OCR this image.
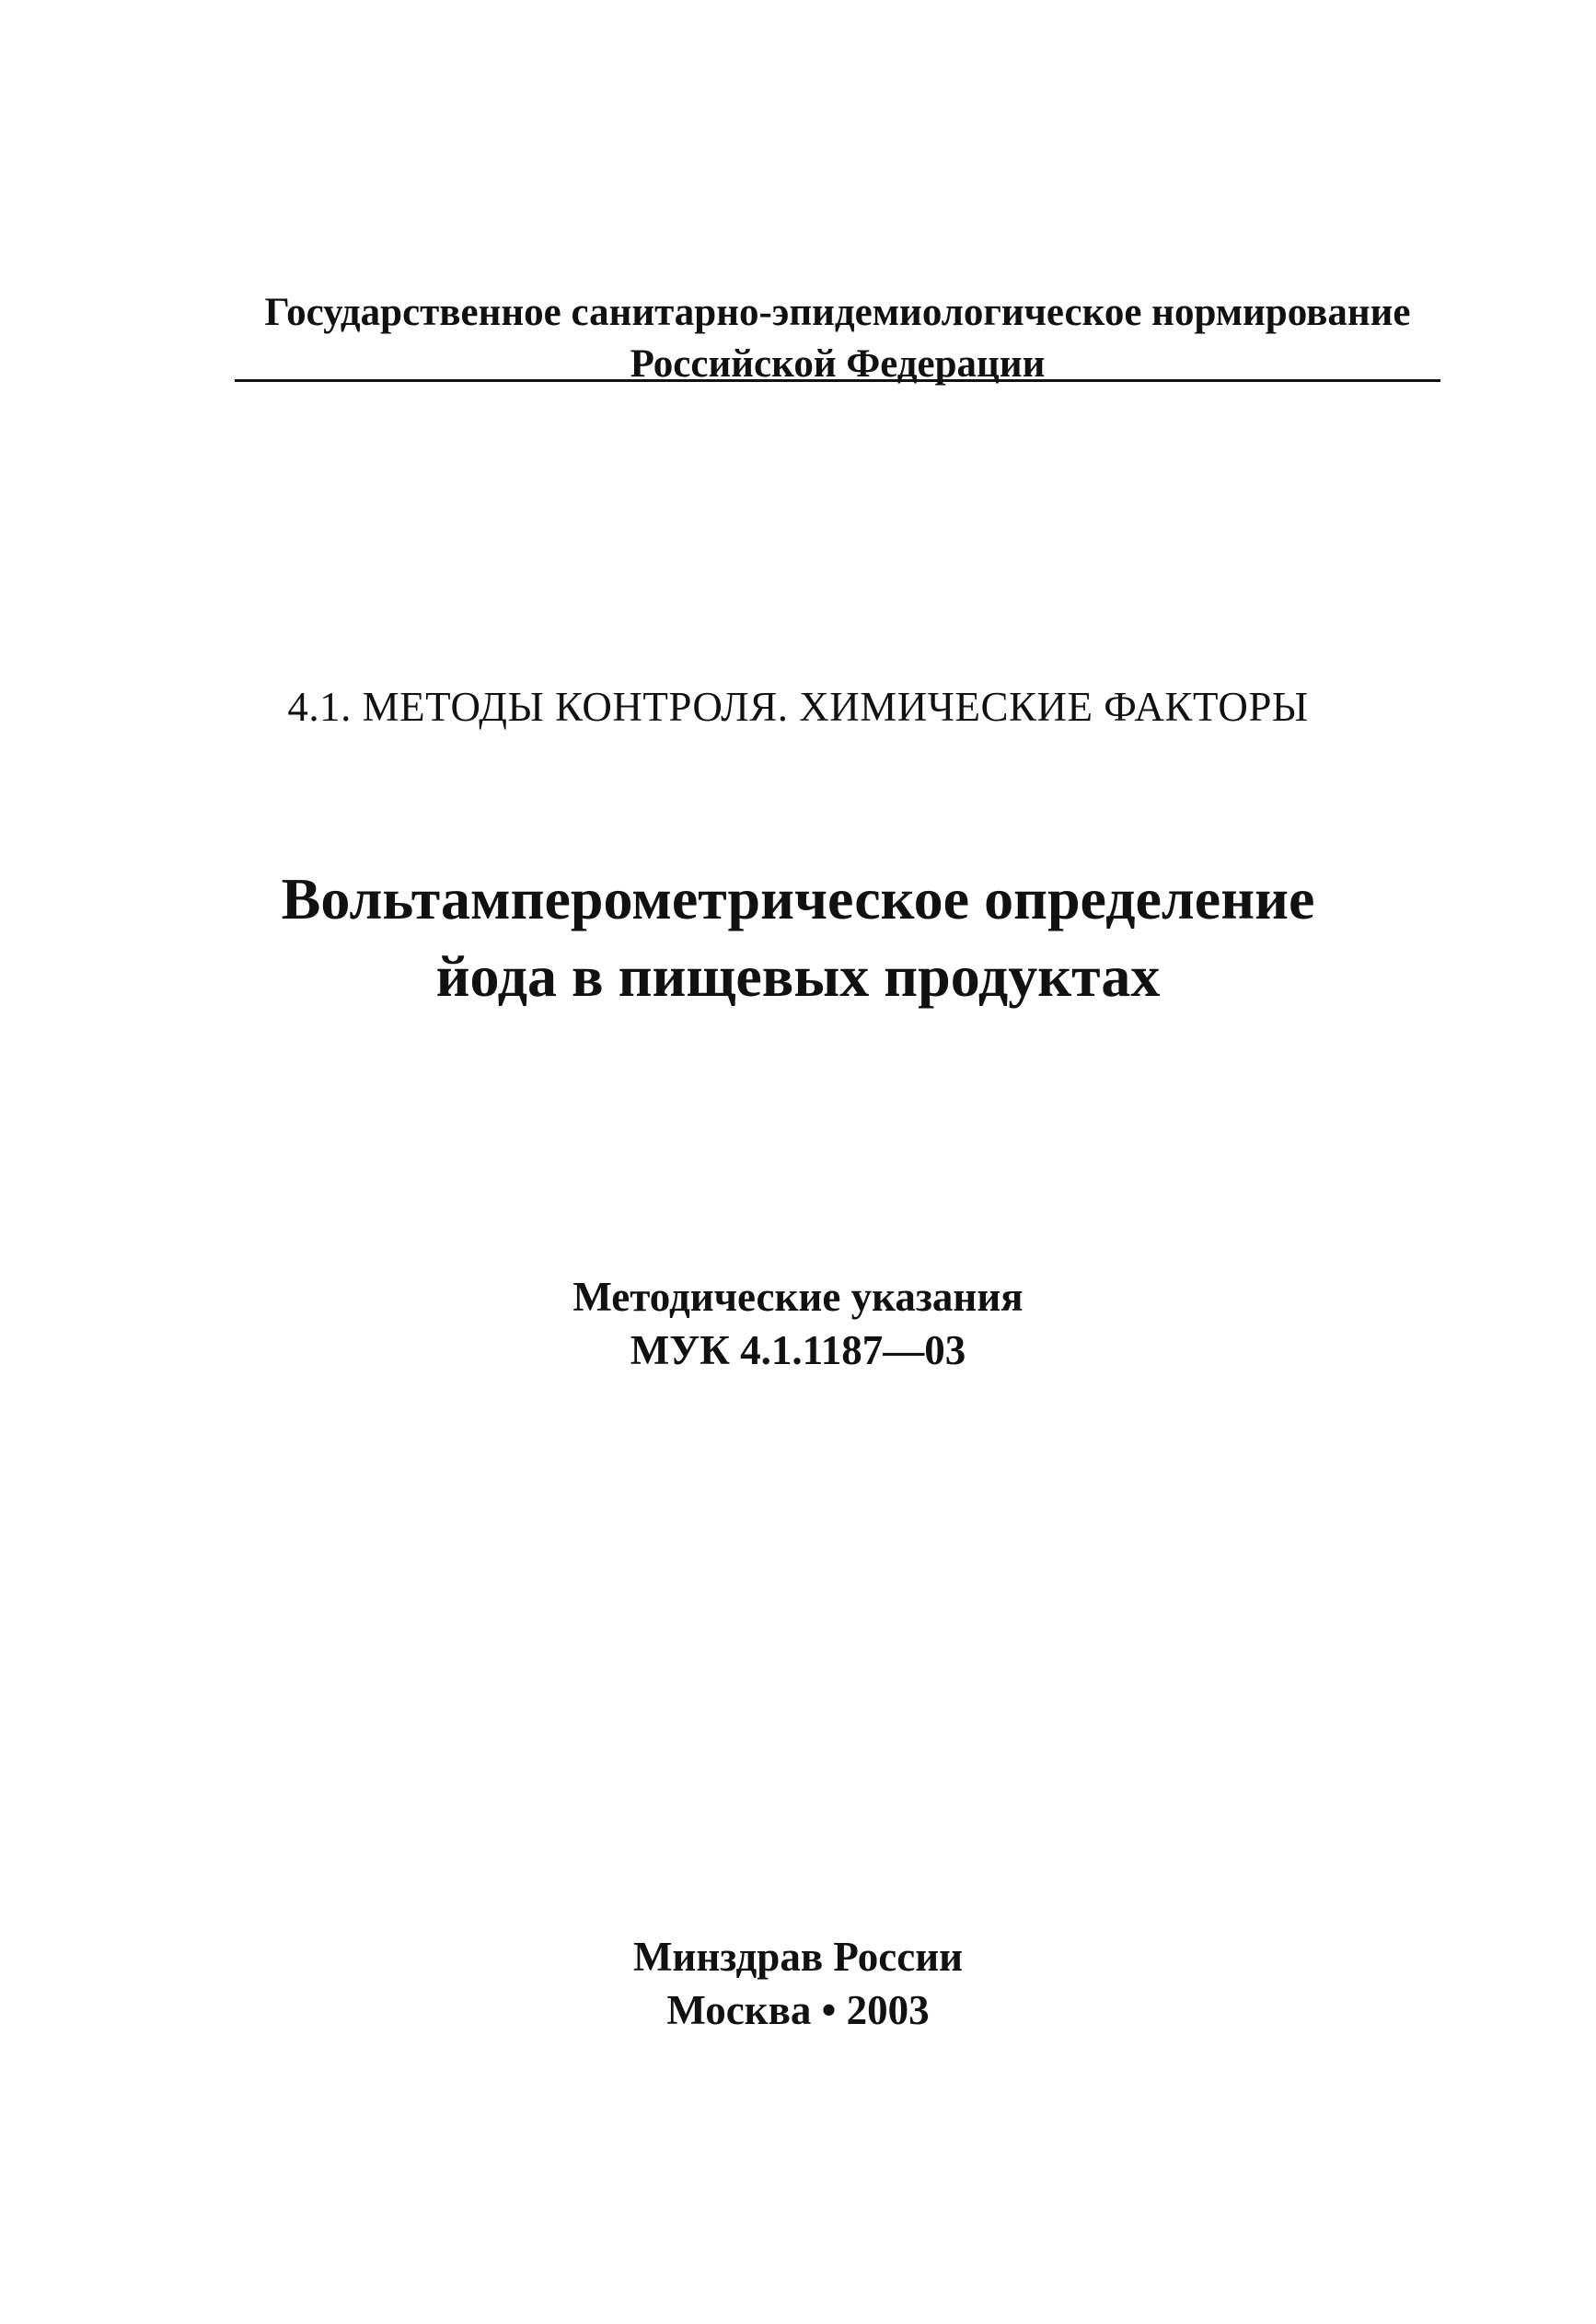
Государственное санитарно-эпидемиологическое нормирование
Российской Федерации
4.1. МЕТОДЫ КОНТРОЛЯ. ХИМИЧЕСКИЕ ФАКТОРЫ
Вольтамперометрическое определение
йода в пищевых продуктах
Методические указания
МУК 4.1.1187—03
Минздрав России
Москва • 2003
